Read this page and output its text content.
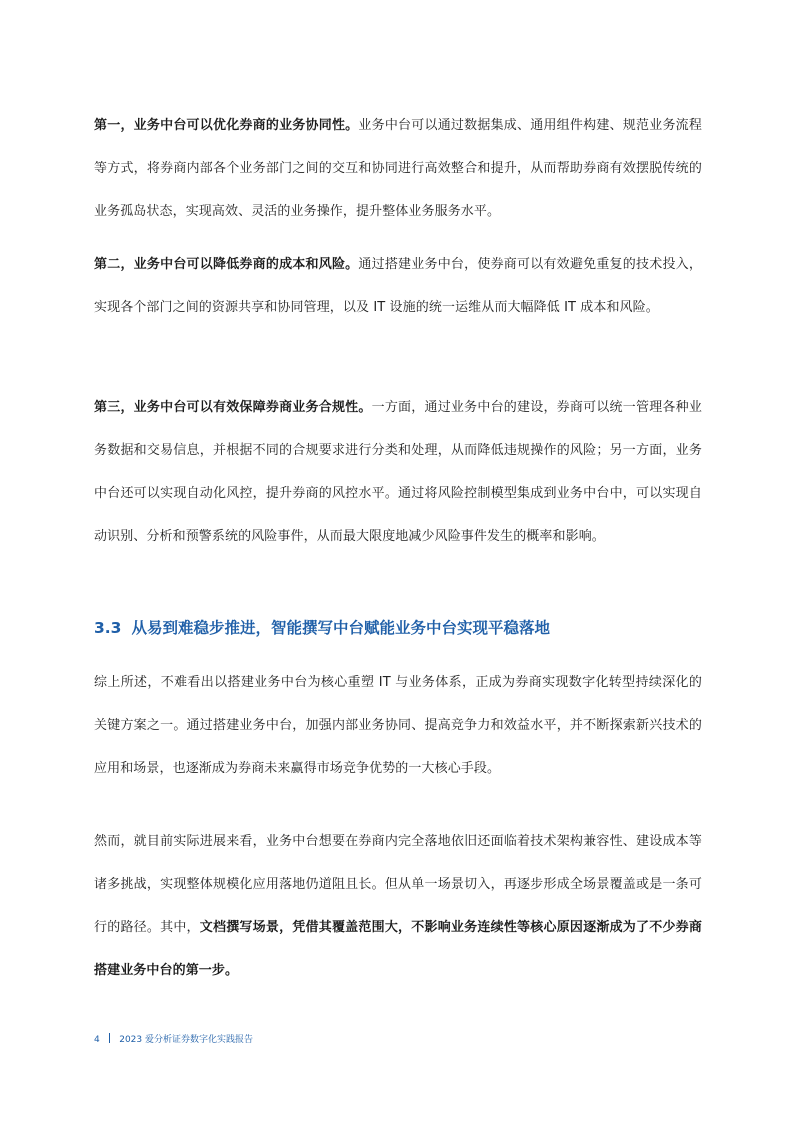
第一，业务中台可以优化券商的业务协同性。业务中台可以通过数据集成、通用组件构建、规范业务流程等方式，将券商内部各个业务部门之间的交互和协同进行高效整合和提升，从而帮助券商有效摆脱传统的业务孤岛状态，实现高效、灵活的业务操作，提升整体业务服务水平。

第二，业务中台可以降低券商的成本和风险。通过搭建业务中台，使券商可以有效避免重复的技术投入，实现各个部门之间的资源共享和协同管理，以及 IT 设施的统一运维从而大幅降低 IT 成本和风险。

第三，业务中台可以有效保障券商业务合规性。一方面，通过业务中台的建设，券商可以统一管理各种业务数据和交易信息，并根据不同的合规要求进行分类和处理，从而降低违规操作的风险；另一方面，业务中台还可以实现自动化风控，提升券商的风控水平。通过将风险控制模型集成到业务中台中，可以实现自动识别、分析和预警系统的风险事件，从而最大限度地减少风险事件发生的概率和影响。

3.3 从易到难稳步推进，智能撰写中台赋能业务中台实现平稳落地

综上所述，不难看出以搭建业务中台为核心重塑 IT 与业务体系，正成为券商实现数字化转型持续深化的关键方案之一。通过搭建业务中台，加强内部业务协同、提高竞争力和效益水平，并不断探索新兴技术的应用和场景，也逐渐成为券商未来赢得市场竞争优势的一大核心手段。

然而，就目前实际进展来看，业务中台想要在券商内完全落地依旧还面临着技术架构兼容性、建设成本等诸多挑战，实现整体规模化应用落地仍道阻且长。但从单一场景切入，再逐步形成全场景覆盖或是一条可行的路径。其中，文档撰写场景，凭借其覆盖范围大，不影响业务连续性等核心原因逐渐成为了不少券商搭建业务中台的第一步。

4 2023 爱分析证券数字化实践报告
